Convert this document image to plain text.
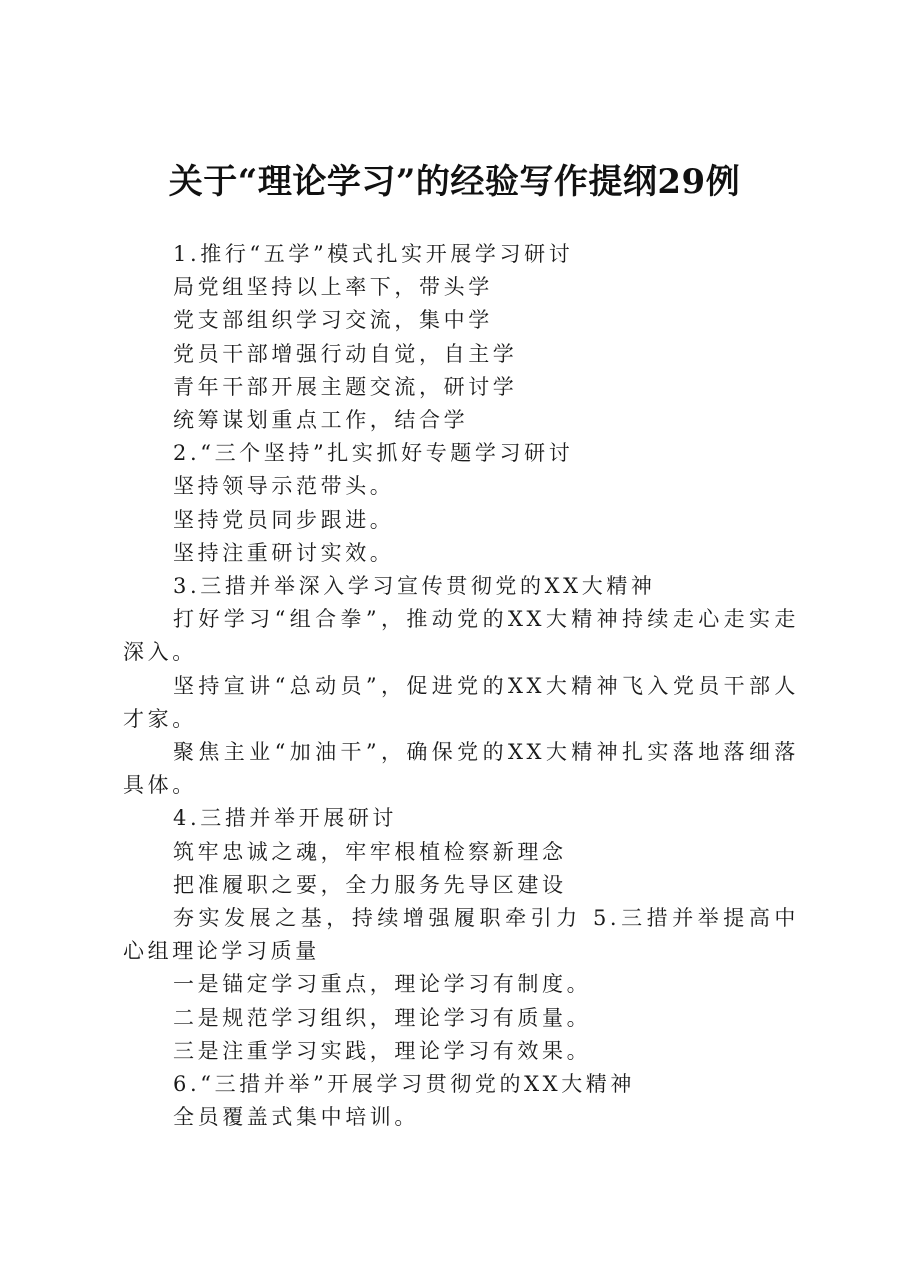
关于“理论学习”的经验写作提纲29例

1.推行“五学”模式扎实开展学习研讨

局党组坚持以上率下，带头学

党支部组织学习交流，集中学

党员干部增强行动自觉，自主学

青年干部开展主题交流，研讨学

统筹谋划重点工作，结合学

2.“三个坚持”扎实抓好专题学习研讨

坚持领导示范带头。

坚持党员同步跟进。

坚持注重研讨实效。

3.三措并举深入学习宣传贯彻党的XX大精神

打好学习“组合拳”，推动党的XX大精神持续走心走实走深入。

坚持宣讲“总动员”，促进党的XX大精神飞入党员干部人才家。

聚焦主业“加油干”，确保党的XX大精神扎实落地落细落具体。

4.三措并举开展研讨

筑牢忠诚之魂，牢牢根植检察新理念

把准履职之要，全力服务先导区建设

夯实发展之基，持续增强履职牵引力 5.三措并举提高中心组理论学习质量

一是锚定学习重点，理论学习有制度。

二是规范学习组织，理论学习有质量。

三是注重学习实践，理论学习有效果。

6.“三措并举”开展学习贯彻党的XX大精神

全员覆盖式集中培训。
